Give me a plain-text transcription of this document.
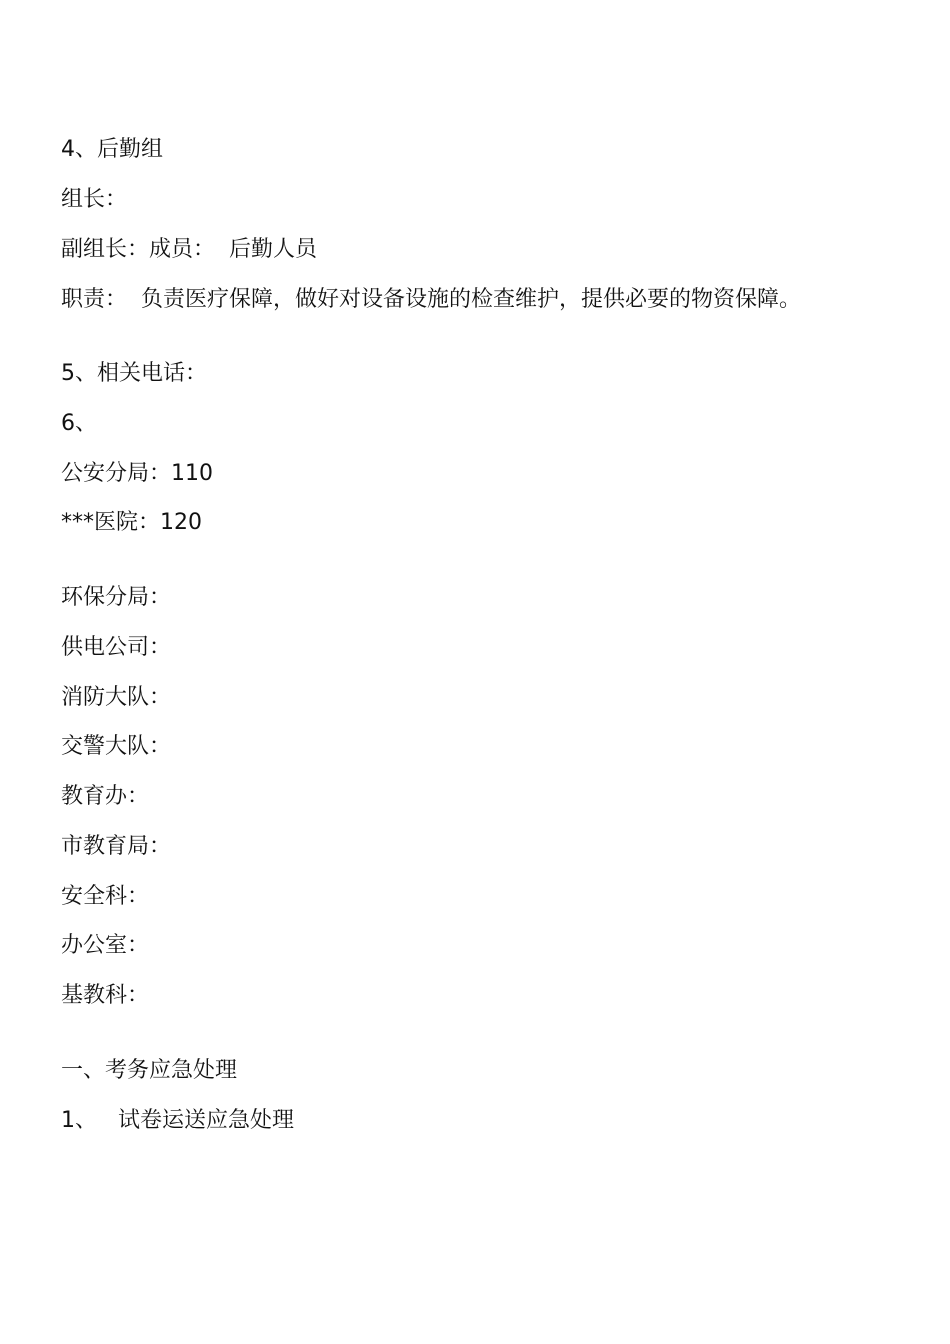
4、后勤组

组长：

副组长：成员：  后勤人员

职责：  负责医疗保障，做好对设备设施的检查维护，提供必要的物资保障。

5、相关电话：

6、

公安分局：110

***医院：120

环保分局：

供电公司：

消防大队：

交警大队：

教育办：

市教育局：

安全科：

办公室：

基教科：

一、考务应急处理

1、   试卷运送应急处理
